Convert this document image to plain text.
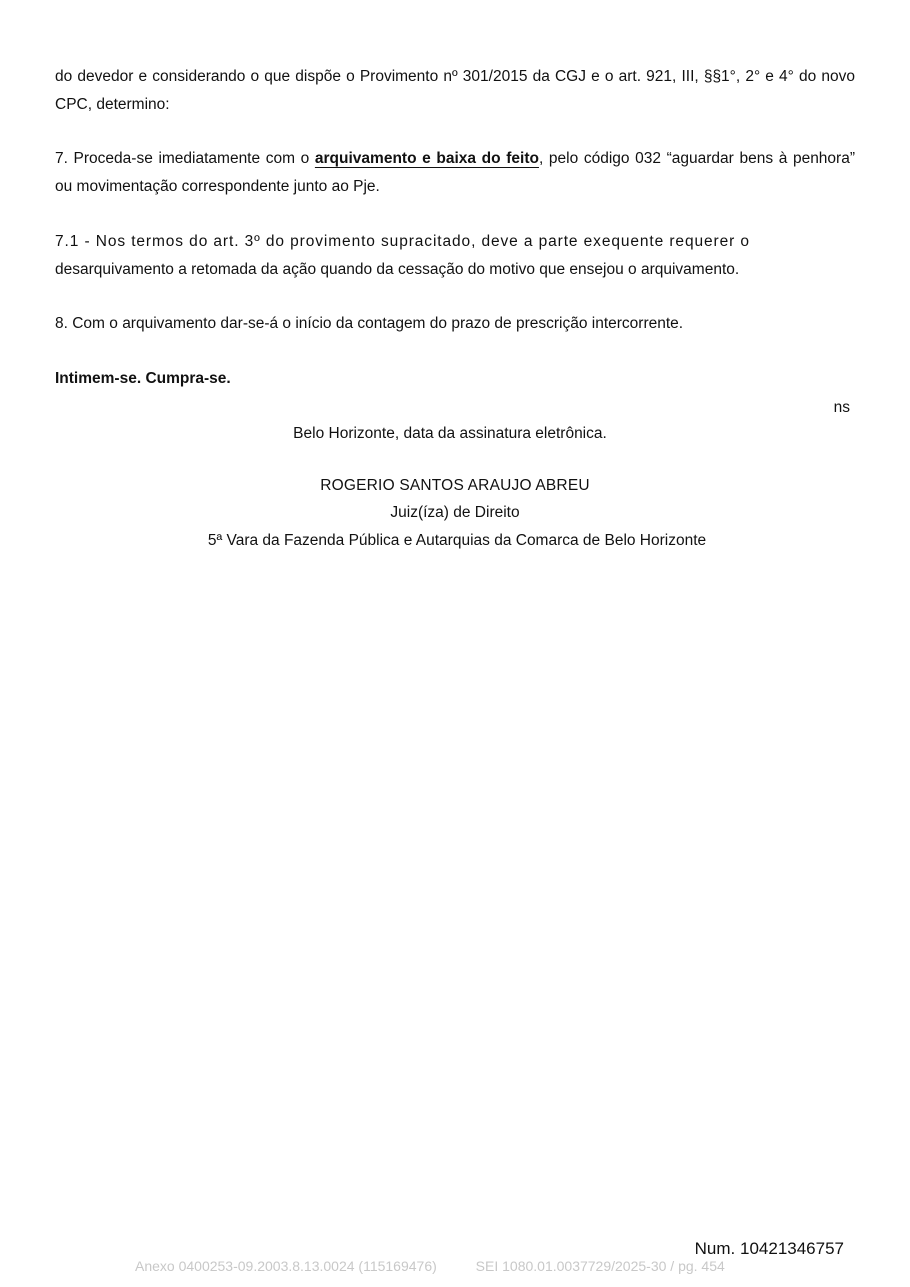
do devedor e considerando o que dispõe o Provimento nº 301/2015 da CGJ e o art. 921, III, §§1°, 2° e 4° do novo CPC, determino:

7. Proceda-se imediatamente com o arquivamento e baixa do feito, pelo código 032 “aguardar bens à penhora” ou movimentação correspondente junto ao Pje.

7.1 - Nos termos do art. 3º do provimento supracitado, deve a parte exequente requerer o
desarquivamento a retomada da ação quando da cessação do motivo que ensejou o arquivamento.

8. Com o arquivamento dar-se-á o início da contagem do prazo de prescrição intercorrente.

Intimem-se. Cumpra-se.

ns

Belo Horizonte, data da assinatura eletrônica.

ROGERIO SANTOS ARAUJO ABREU

Juiz(íza) de Direito

5ª Vara da Fazenda Pública e Autarquias da Comarca de Belo Horizonte

Num. 10421346757

Anexo 0400253-09.2003.8.13.0024 (115169476)          SEI 1080.01.0037729/2025-30 / pg. 454
